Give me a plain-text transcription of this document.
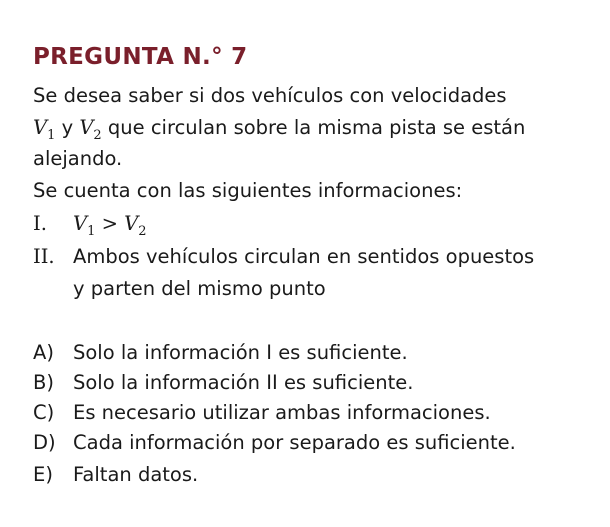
PREGUNTA N.° 7
Se desea saber si dos vehículos con velocidades
$V_1$ y $V_2$ que circulan sobre la misma pista se están
alejando.
Se cuenta con las siguientes informaciones:
I. $V_1 > V_2$
II. Ambos vehículos circulan en sentidos opuestos
y parten del mismo punto
A) Solo la información I es suficiente.
B) Solo la información II es suficiente.
C) Es necesario utilizar ambas informaciones.
D) Cada información por separado es suficiente.
E) Faltan datos.
